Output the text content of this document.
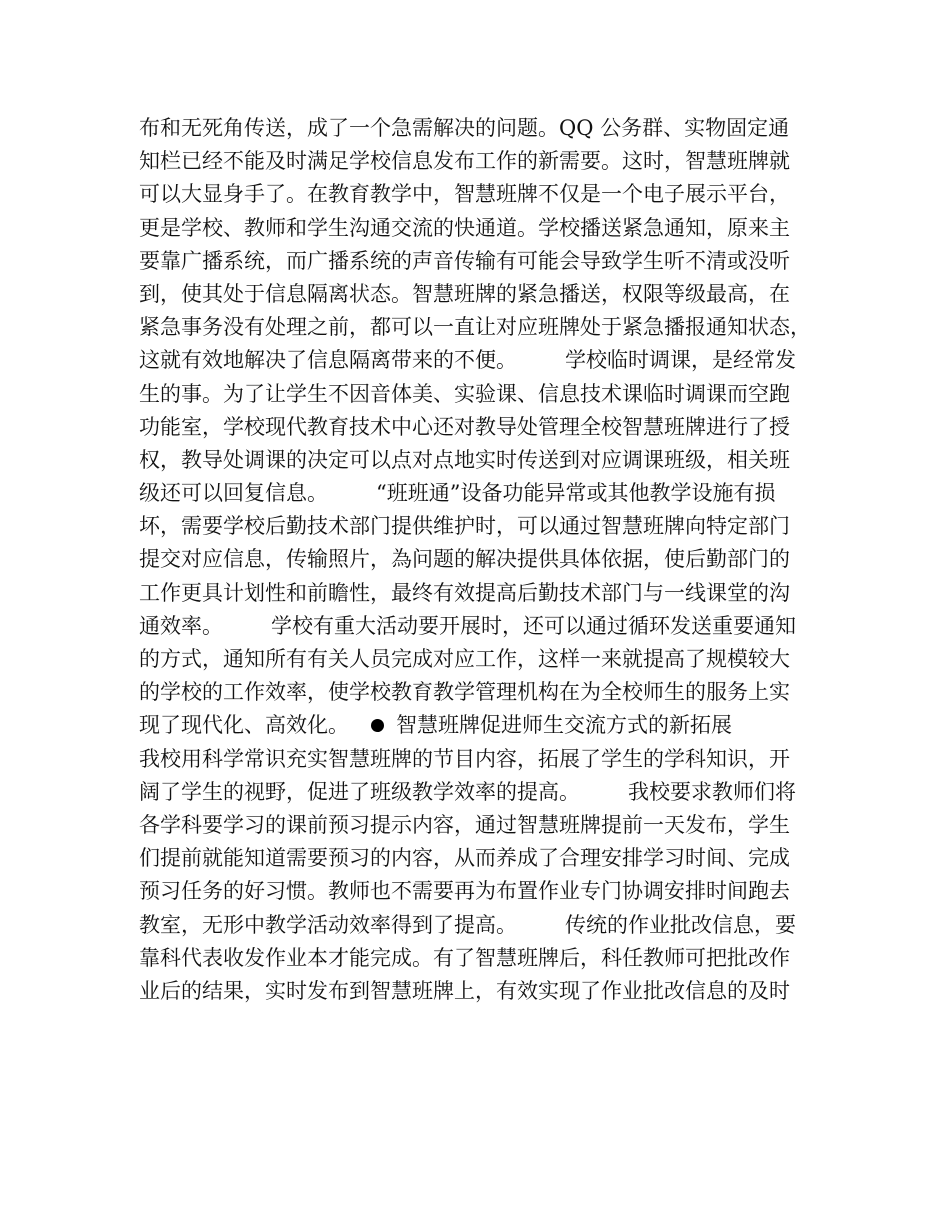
布和无死角传送，成了一个急需解决的问题。QQ 公务群、实物固定通
知栏已经不能及时满足学校信息发布工作的新需要。这时，智慧班牌就
可以大显身手了。在教育教学中，智慧班牌不仅是一个电子展示平台，
更是学校、教师和学生沟通交流的快通道。学校播送紧急通知，原来主
要靠广播系统，而广播系统的声音传输有可能会导致学生听不清或没听
到，使其处于信息隔离状态。智慧班牌的紧急播送，权限等级最高，在
紧急事务没有处理之前，都可以一直让对应班牌处于紧急播报通知状态，
这就有效地解决了信息隔离带来的不便。 学校临时调课，是经常发
生的事。为了让学生不因音体美、实验课、信息技术课临时调课而空跑
功能室，学校现代教育技术中心还对教导处管理全校智慧班牌进行了授
权，教导处调课的决定可以点对点地实时传送到对应调课班级，相关班
级还可以回复信息。 “班班通”设备功能异常或其他教学设施有损
坏，需要学校后勤技术部门提供维护时，可以通过智慧班牌向特定部门
提交对应信息，传输照片，為问题的解决提供具体依据，使后勤部门的
工作更具计划性和前瞻性，最终有效提高后勤技术部门与一线课堂的沟
通效率。 学校有重大活动要开展时，还可以通过循环发送重要通知
的方式，通知所有有关人员完成对应工作，这样一来就提高了规模较大
的学校的工作效率，使学校教育教学管理机构在为全校师生的服务上实
现了现代化、高效化。 智慧班牌促进师生交流方式的新拓展
我校用科学常识充实智慧班牌的节目内容，拓展了学生的学科知识，开
阔了学生的视野，促进了班级教学效率的提高。 我校要求教师们将
各学科要学习的课前预习提示内容，通过智慧班牌提前一天发布，学生
们提前就能知道需要预习的内容，从而养成了合理安排学习时间、完成
预习任务的好习惯。教师也不需要再为布置作业专门协调安排时间跑去
教室，无形中教学活动效率得到了提高。 传统的作业批改信息，要
靠科代表收发作业本才能完成。有了智慧班牌后，科任教师可把批改作
业后的结果，实时发布到智慧班牌上，有效实现了作业批改信息的及时
